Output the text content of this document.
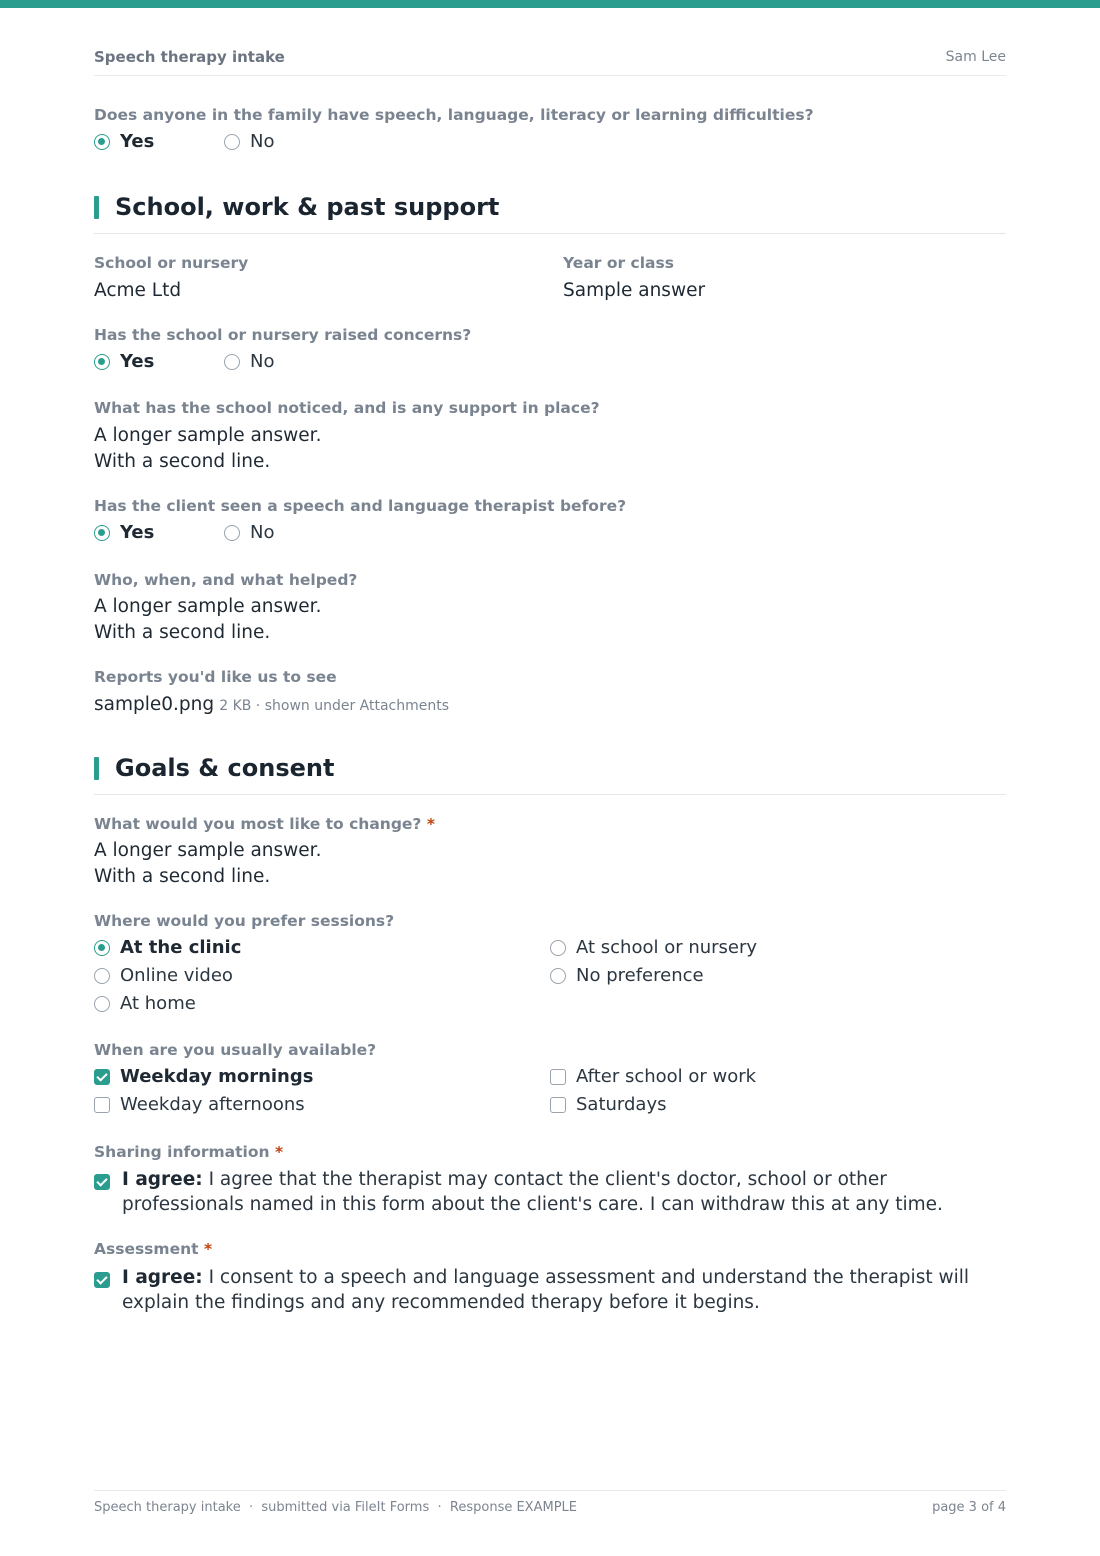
Speech therapy intake	Sam Lee
Does anyone in the family have speech, language, literacy or learning difficulties?
Yes	No
School, work & past support
School or nursery
Acme Ltd
Year or class
Sample answer
Has the school or nursery raised concerns?
Yes	No
What has the school noticed, and is any support in place?
A longer sample answer.
With a second line.
Has the client seen a speech and language therapist before?
Yes	No
Who, when, and what helped?
A longer sample answer.
With a second line.
Reports you'd like us to see
sample0.png 2 KB · shown under Attachments
Goals & consent
What would you most like to change? *
A longer sample answer.
With a second line.
Where would you prefer sessions?
At the clinic
Online video
At home
At school or nursery
No preference
When are you usually available?
Weekday mornings
Weekday afternoons
After school or work
Saturdays
Sharing information *
I agree: I agree that the therapist may contact the client's doctor, school or other professionals named in this form about the client's care. I can withdraw this at any time.
Assessment *
I agree: I consent to a speech and language assessment and understand the therapist will explain the findings and any recommended therapy before it begins.
Speech therapy intake  ·  submitted via FileIt Forms  ·  Response EXAMPLE	page 3 of 4
